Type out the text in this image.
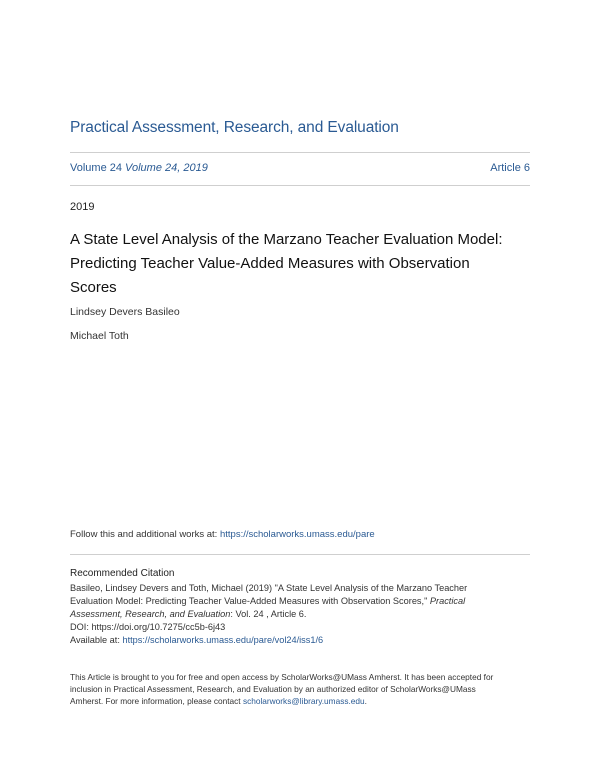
Practical Assessment, Research, and Evaluation
Volume 24 Volume 24, 2019	Article 6
2019
A State Level Analysis of the Marzano Teacher Evaluation Model:
Predicting Teacher Value-Added Measures with Observation
Scores
Lindsey Devers Basileo
Michael Toth
Follow this and additional works at: https://scholarworks.umass.edu/pare
Recommended Citation
Basileo, Lindsey Devers and Toth, Michael (2019) "A State Level Analysis of the Marzano Teacher
Evaluation Model: Predicting Teacher Value-Added Measures with Observation Scores," Practical
Assessment, Research, and Evaluation: Vol. 24 , Article 6.
DOI: https://doi.org/10.7275/cc5b-6j43
Available at: https://scholarworks.umass.edu/pare/vol24/iss1/6
This Article is brought to you for free and open access by ScholarWorks@UMass Amherst. It has been accepted for
inclusion in Practical Assessment, Research, and Evaluation by an authorized editor of ScholarWorks@UMass
Amherst. For more information, please contact scholarworks@library.umass.edu.
